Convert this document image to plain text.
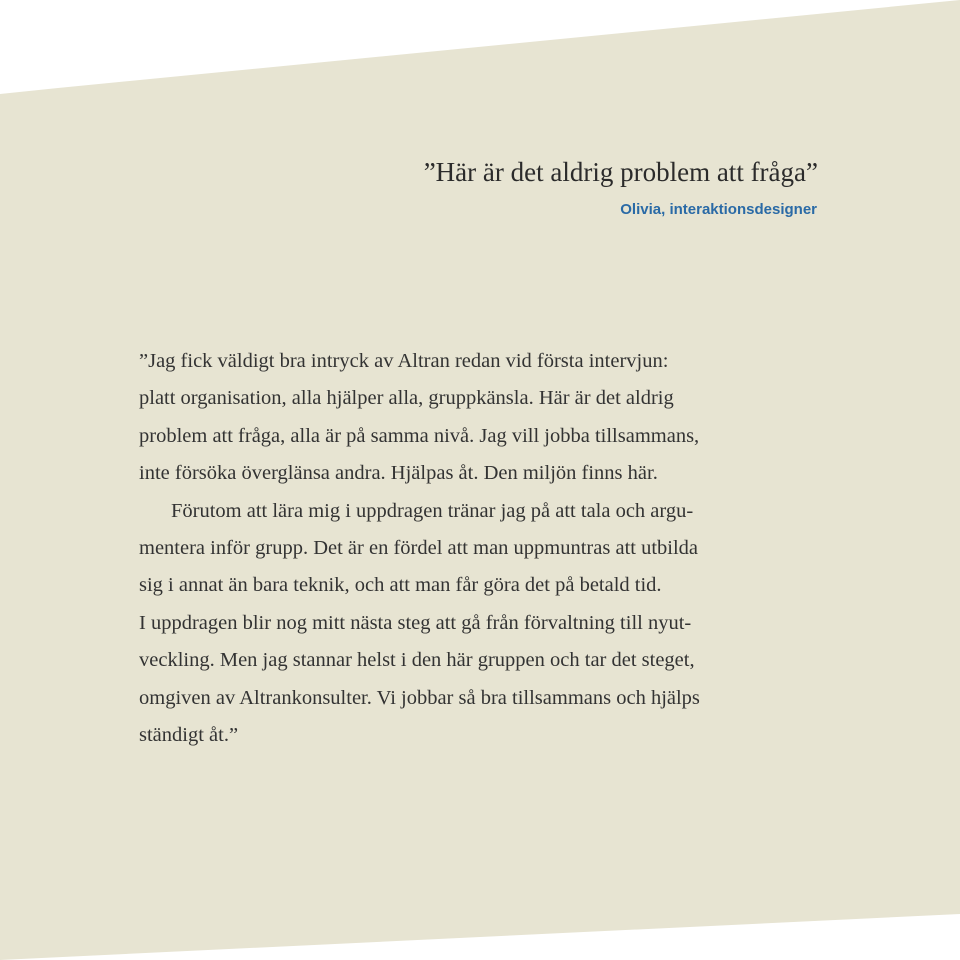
”Här är det aldrig problem att fråga”
Olivia, interaktionsdesigner
”Jag fick väldigt bra intryck av Altran redan vid första intervjun:
platt organisation, alla hjälper alla, gruppkänsla. Här är det aldrig
problem att fråga, alla är på samma nivå. Jag vill jobba tillsammans,
inte försöka överglänsa andra. Hjälpas åt. Den miljön finns här.
Förutom att lära mig i uppdragen tränar jag på att tala och argu-
mentera inför grupp. Det är en fördel att man uppmuntras att utbilda
sig i annat än bara teknik, och att man får göra det på betald tid.
I uppdragen blir nog mitt nästa steg att gå från förvaltning till nyut-
veckling. Men jag stannar helst i den här gruppen och tar det steget,
omgiven av Altrankonsulter. Vi jobbar så bra tillsammans och hjälps
ständigt åt.”
